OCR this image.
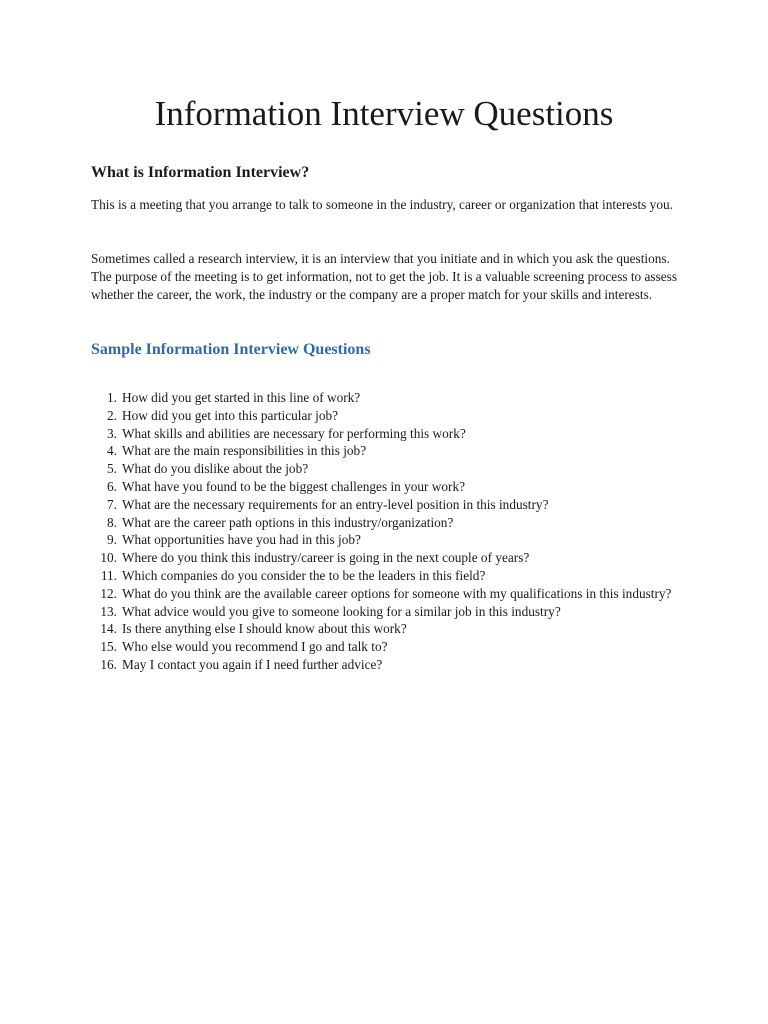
Information Interview Questions
What is Information Interview?

This is a meeting that you arrange to talk to someone in the industry, career or organization that interests you.

Sometimes called a research interview, it is an interview that you initiate and in which you ask the questions. The purpose of the meeting is to get information, not to get the job. It is a valuable screening process to assess whether the career, the work, the industry or the company are a proper match for your skills and interests.

Sample Information Interview Questions
1. How did you get started in this line of work?
2. How did you get into this particular job?
3. What skills and abilities are necessary for performing this work?
4. What are the main responsibilities in this job?
5. What do you dislike about the job?
6. What have you found to be the biggest challenges in your work?
7. What are the necessary requirements for an entry-level position in this industry?
8. What are the career path options in this industry/organization?
9. What opportunities have you had in this job?
10. Where do you think this industry/career is going in the next couple of years?
11. Which companies do you consider the to be the leaders in this field?
12. What do you think are the available career options for someone with my qualifications in this industry?
13. What advice would you give to someone looking for a similar job in this industry?
14. Is there anything else I should know about this work?
15. Who else would you recommend I go and talk to?
16. May I contact you again if I need further advice?
